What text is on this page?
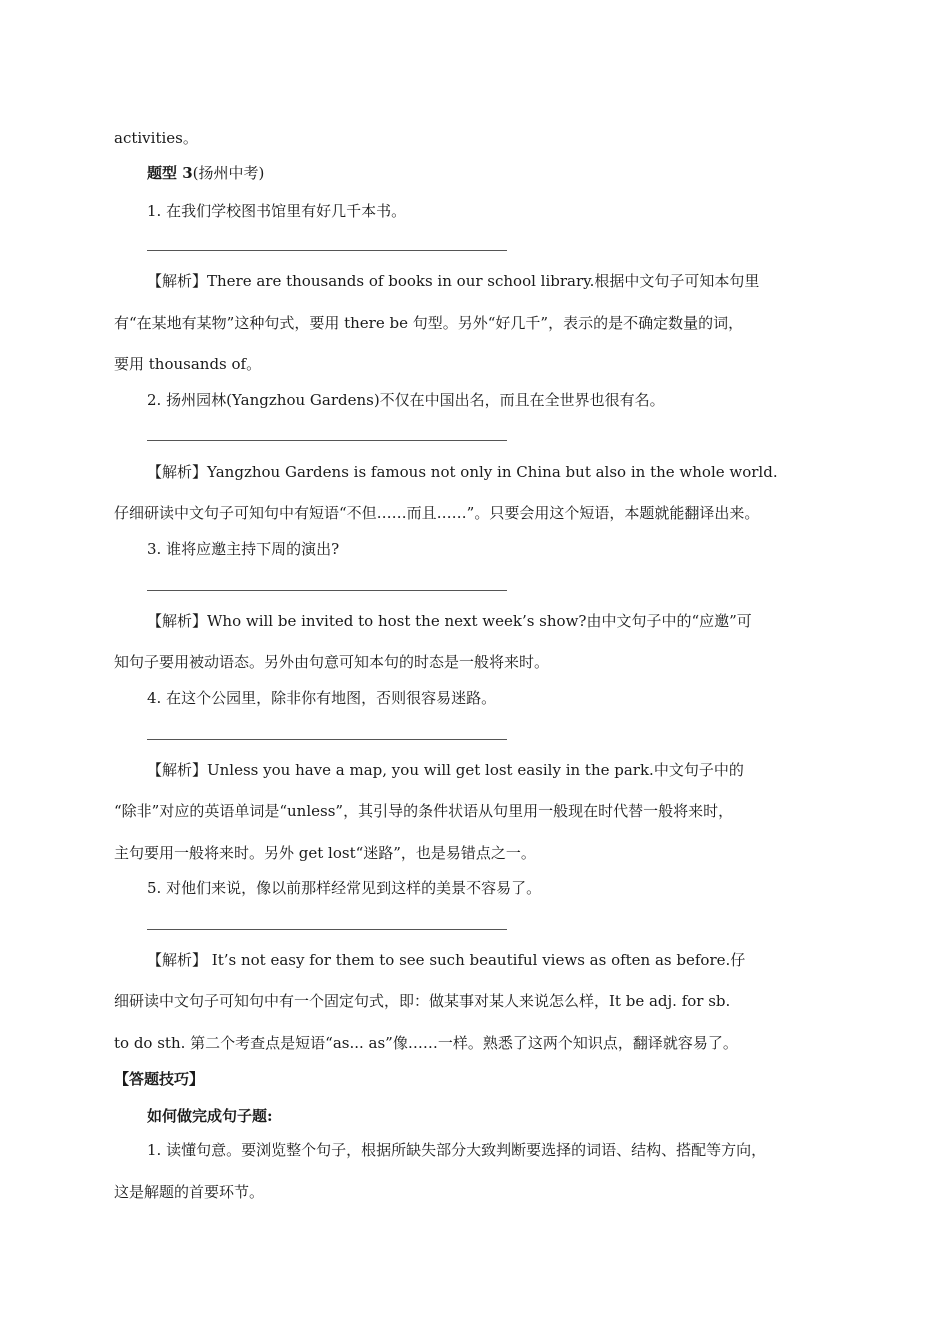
activities。
题型 3(扬州中考)
1. 在我们学校图书馆里有好几千本书。
【解析】There are thousands of books in our school library.根据中文句子可知本句里
有“在某地有某物”这种句式，要用 there be 句型。另外“好几千”，表示的是不确定数量的词，
要用 thousands of。
2. 扬州园林(Yangzhou Gardens)不仅在中国出名，而且在全世界也很有名。
【解析】Yangzhou Gardens is famous not only in China but also in the whole world.
仔细研读中文句子可知句中有短语“不但……而且……”。只要会用这个短语，本题就能翻译出来。
3. 谁将应邀主持下周的演出?
【解析】Who will be invited to host the next week’s show?由中文句子中的“应邀”可
知句子要用被动语态。另外由句意可知本句的时态是一般将来时。
4. 在这个公园里，除非你有地图，否则很容易迷路。
【解析】Unless you have a map, you will get lost easily in the park.中文句子中的
“除非”对应的英语单词是“unless”，其引导的条件状语从句里用一般现在时代替一般将来时，
主句要用一般将来时。另外 get lost“迷路”，也是易错点之一。
5. 对他们来说，像以前那样经常见到这样的美景不容易了。
【解析】 It’s not easy for them to see such beautiful views as often as before.仔
细研读中文句子可知句中有一个固定句式，即：做某事对某人来说怎么样，It be adj. for sb.
to do sth. 第二个考查点是短语“as... as”像……一样。熟悉了这两个知识点，翻译就容易了。
【答题技巧】
如何做完成句子题:
1. 读懂句意。要浏览整个句子，根据所缺失部分大致判断要选择的词语、结构、搭配等方向，
这是解题的首要环节。
